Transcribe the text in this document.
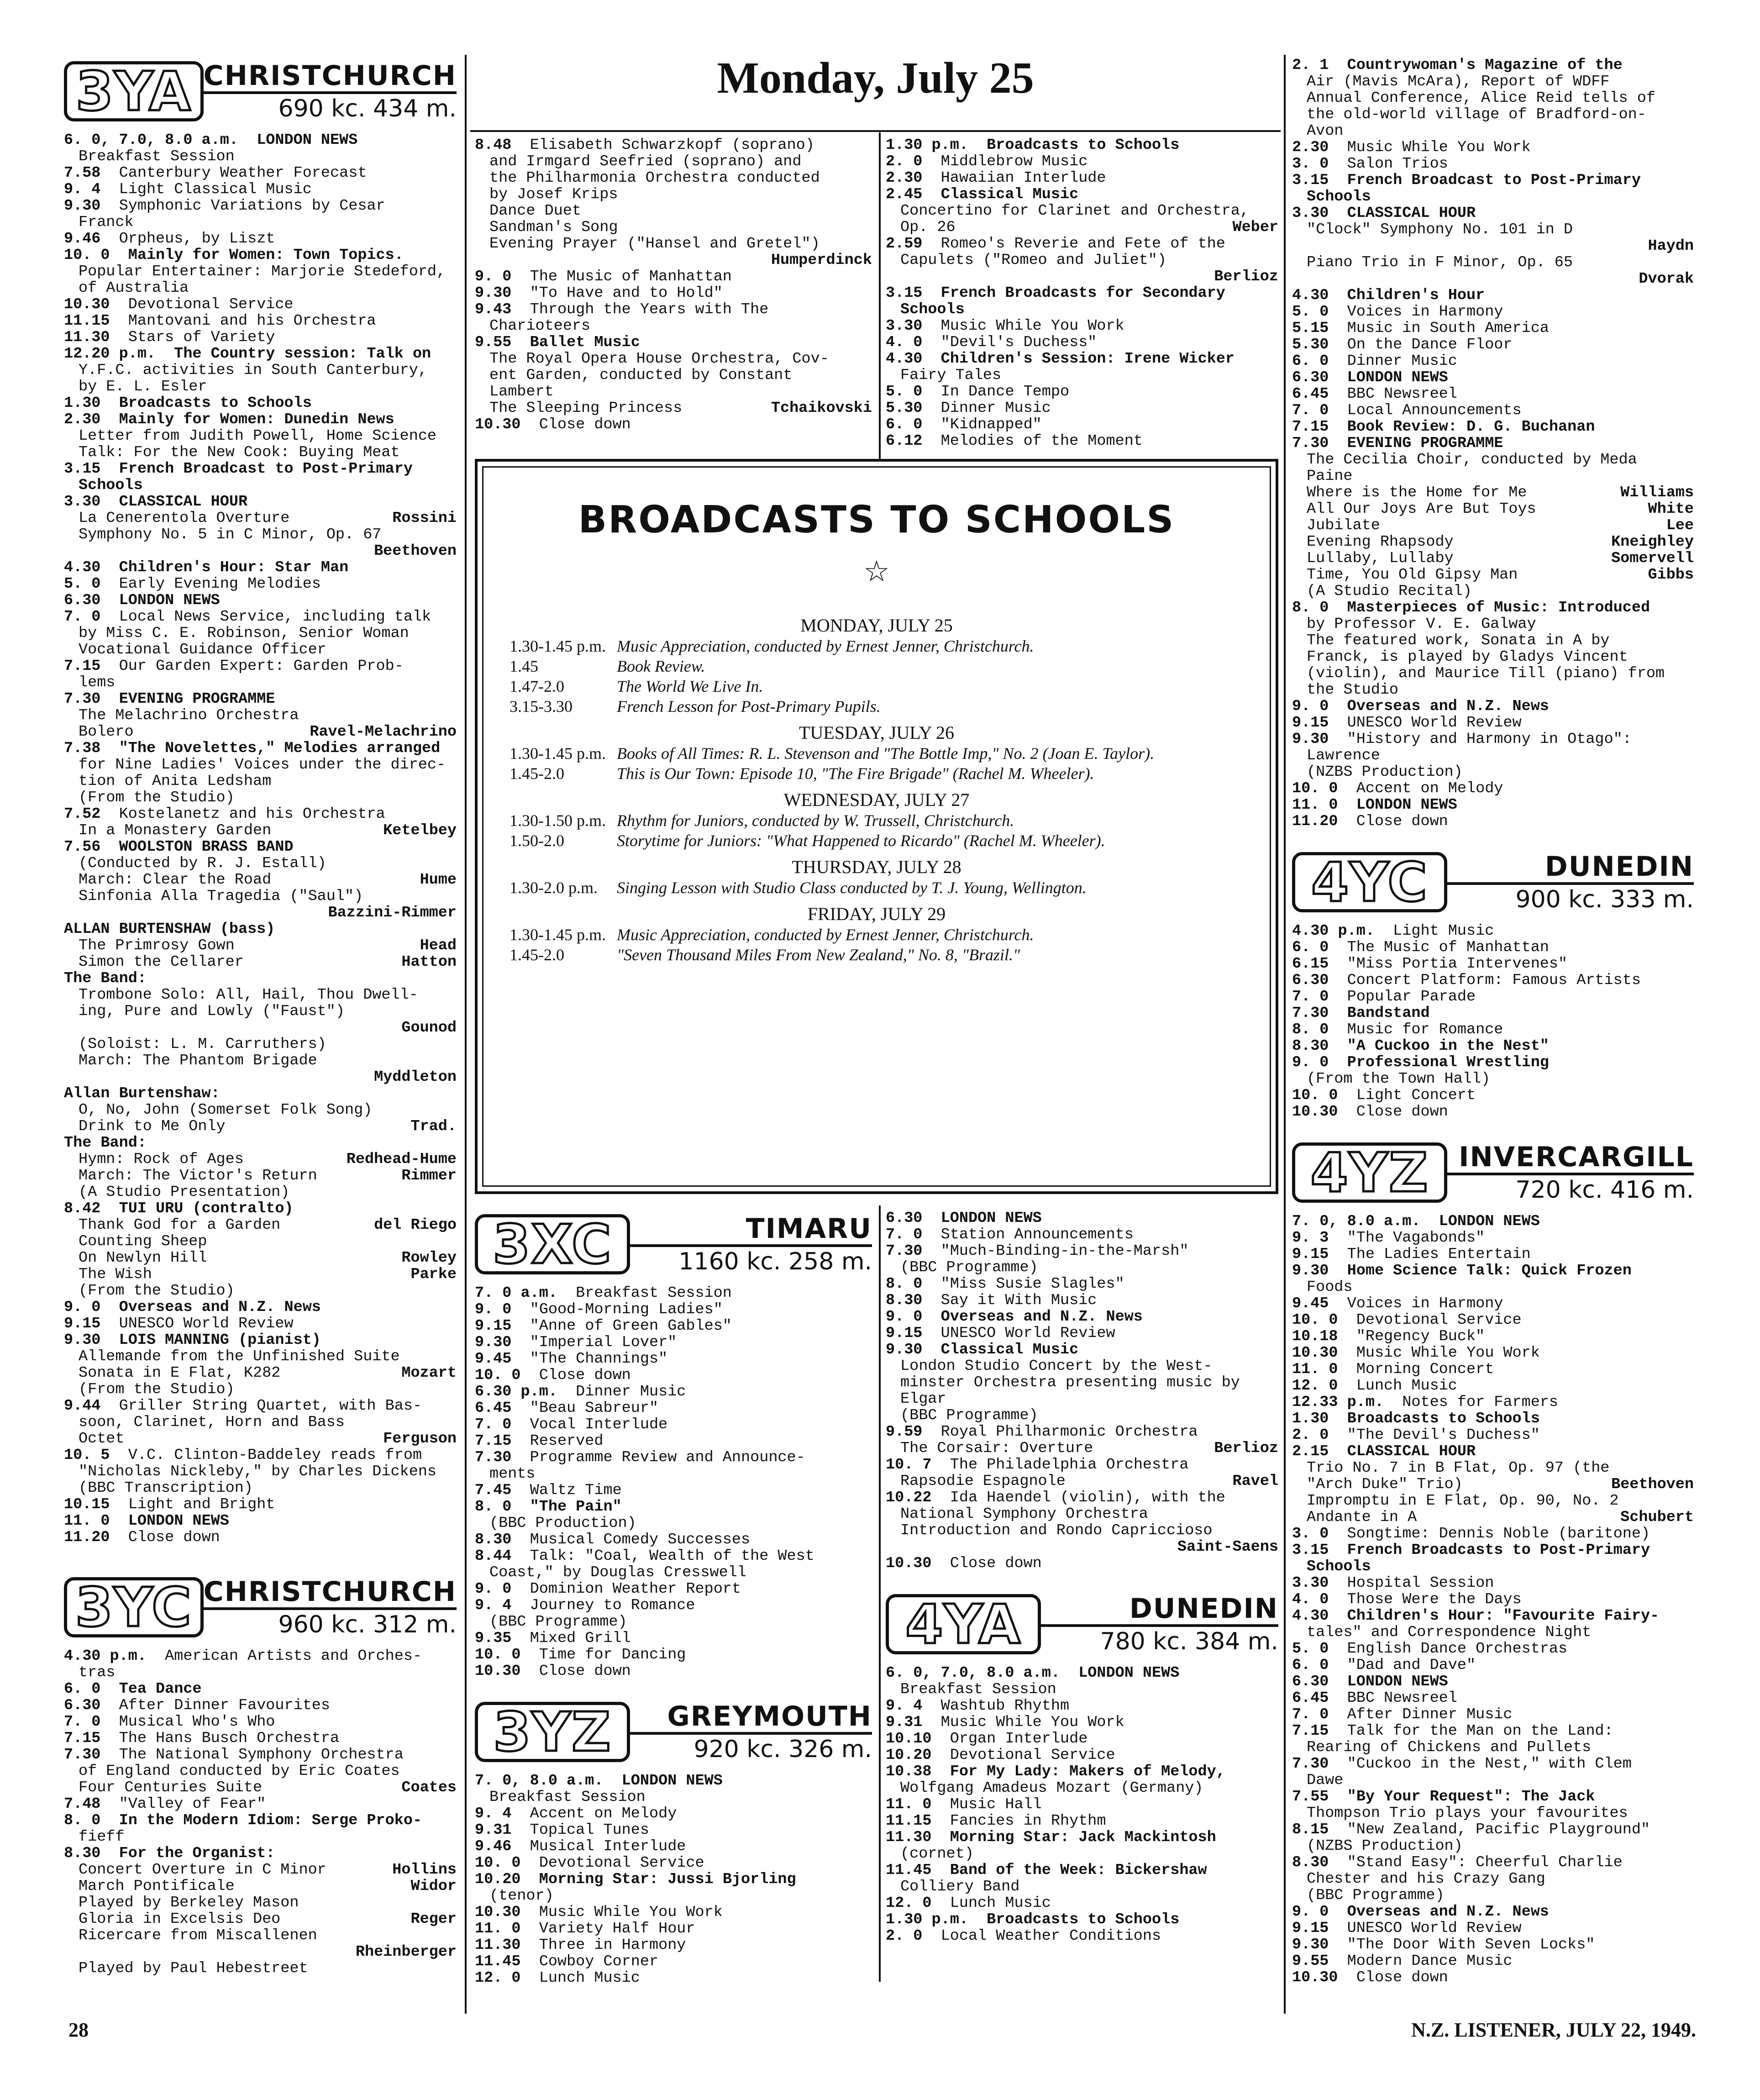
3YA CHRISTCHURCH
690 kc. 434 m.
6. 0, 7.0, 8.0 a.m.
LONDON NEWS
Breakfast Session
7.58
Canterbury Weather Forecast
9. 4
Light Classical Music
9.30
Symphonic Variations by Cesar
Franck
9.46
Orpheus, by Liszt
10. 0
Mainly for Women: Town Topics.
Popular Entertainer: Marjorie Stedeford,
of Australia
10.30
Devotional Service
11.15
Mantovani and his Orchestra
11.30
Stars of Variety
12.20 p.m.
The Country session: Talk on
Y.F.C. activities in South Canterbury,
by E. L. Esler
1.30
Broadcasts to Schools
2.30
Mainly for Women: Dunedin News
Letter from Judith Powell, Home Science
Talk: For the New Cook: Buying Meat
3.15
French Broadcast to Post-Primary
Schools
3.30
CLASSICAL HOUR
La Cenerentola Overture	Rossini
Symphony No. 5 in C Minor, Op. 67
Beethoven
4.30
Children's Hour: Star Man
5. 0
Early Evening Melodies
6.30
LONDON NEWS
7. 0
Local News Service, including talk
by Miss C. E. Robinson, Senior Woman
Vocational Guidance Officer
7.15
Our Garden Expert: Garden Prob-
lems
7.30
EVENING PROGRAMME
The Melachrino Orchestra
Bolero	Ravel-Melachrino
7.38
"The Novelettes," Melodies arranged
for Nine Ladies' Voices under the direc-
tion of Anita Ledsham
(From the Studio)
7.52
Kostelanetz and his Orchestra
In a Monastery Garden	Ketelbey
7.56
WOOLSTON BRASS BAND
(Conducted by R. J. Estall)
March: Clear the Road	Hume
Sinfonia Alla Tragedia ("Saul")
Bazzini-Rimmer
ALLAN BURTENSHAW (bass)
The Primrosy Gown	Head
Simon the Cellarer	Hatton
The Band:
Trombone Solo: All, Hail, Thou Dwell-
ing, Pure and Lowly ("Faust")
Gounod
(Soloist: L. M. Carruthers)
March: The Phantom Brigade
Myddleton
Allan Burtenshaw:
O, No, John (Somerset Folk Song)
Drink to Me Only	Trad.
The Band:
Hymn: Rock of Ages	Redhead-Hume
March: The Victor's Return	Rimmer
(A Studio Presentation)
8.42
TUI URU (contralto)
Thank God for a Garden	del Riego
Counting Sheep
On Newlyn Hill	Rowley
The Wish	Parke
(From the Studio)
9. 0
Overseas and N.Z. News
9.15
UNESCO World Review
9.30
LOIS MANNING (pianist)
Allemande from the Unfinished Suite
Sonata in E Flat, K282	Mozart
(From the Studio)
9.44
Griller String Quartet, with Bas-
soon, Clarinet, Horn and Bass
Octet	Ferguson
10. 5
V.C. Clinton-Baddeley reads from
"Nicholas Nickleby," by Charles Dickens
(BBC Transcription)
10.15
Light and Bright
11. 0
LONDON NEWS
11.20
Close down
3YC CHRISTCHURCH
960 kc. 312 m.
4.30 p.m.
American Artists and Orches-
tras
6. 0
Tea Dance
6.30
After Dinner Favourites
7. 0
Musical Who's Who
7.15
The Hans Busch Orchestra
7.30
The National Symphony Orchestra
of England conducted by Eric Coates
Four Centuries Suite	Coates
7.48
"Valley of Fear"
8. 0
In the Modern Idiom: Serge Proko-
fieff
8.30
For the Organist:
Concert Overture in C Minor	Hollins
March Pontificale	Widor
Played by Berkeley Mason
Gloria in Excelsis Deo	Reger
Ricercare from Miscallenen
Rheinberger
Played by Paul Hebestreet
Monday, July 25
8.48
Elisabeth Schwarzkopf (soprano)
and Irmgard Seefried (soprano) and
the Philharmonia Orchestra conducted
by Josef Krips
Dance Duet
Sandman's Song
Evening Prayer ("Hansel and Gretel")
Humperdinck
9. 0
The Music of Manhattan
9.30
"To Have and to Hold"
9.43
Through the Years with The
Charioteers
9.55
Ballet Music
The Royal Opera House Orchestra, Cov-
ent Garden, conducted by Constant
Lambert
The Sleeping Princess	Tchaikovski
10.30
Close down
1.30 p.m.
Broadcasts to Schools
2. 0
Middlebrow Music
2.30
Hawaiian Interlude
2.45
Classical Music
Concertino for Clarinet and Orchestra,
Op. 26	Weber
2.59
Romeo's Reverie and Fete of the
Capulets ("Romeo and Juliet")
Berlioz
3.15
French Broadcasts for Secondary
Schools
3.30
Music While You Work
4. 0
"Devil's Duchess"
4.30
Children's Session: Irene Wicker
Fairy Tales
5. 0
In Dance Tempo
5.30
Dinner Music
6. 0
"Kidnapped"
6.12
Melodies of the Moment
BROADCASTS TO SCHOOLS
☆
MONDAY, JULY 25
1.30-1.45 p.m. Music Appreciation, conducted by Ernest Jenner, Christchurch.
1.45	Book Review.
1.47-2.0	The World We Live In.
3.15-3.30	French Lesson for Post-Primary Pupils.
TUESDAY, JULY 26
1.30-1.45 p.m. Books of All Times: R. L. Stevenson and "The Bottle Imp," No. 2 (Joan E. Taylor).
1.45-2.0	This is Our Town: Episode 10, "The Fire Brigade" (Rachel M. Wheeler).
WEDNESDAY, JULY 27
1.30-1.50 p.m. Rhythm for Juniors, conducted by W. Trussell, Christchurch.
1.50-2.0	Storytime for Juniors: "What Happened to Ricardo" (Rachel M. Wheeler).
THURSDAY, JULY 28
1.30-2.0 p.m.	Singing Lesson with Studio Class conducted by T. J. Young, Wellington.
FRIDAY, JULY 29
1.30-1.45 p.m. Music Appreciation, conducted by Ernest Jenner, Christchurch.
1.45-2.0	"Seven Thousand Miles From New Zealand," No. 8, "Brazil."
3XC	TIMARU
1160 kc. 258 m.
7. 0 a.m.
Breakfast Session
9. 0
"Good-Morning Ladies"
9.15
"Anne of Green Gables"
9.30
"Imperial Lover"
9.45
"The Channings"
10. 0
Close down
6.30 p.m.
Dinner Music
6.45
"Beau Sabreur"
7. 0
Vocal Interlude
7.15
Reserved
7.30
Programme Review and Announce-
ments
7.45
Waltz Time
8. 0
"The Pain"
(BBC Production)
8.30
Musical Comedy Successes
8.44
Talk: "Coal, Wealth of the West
Coast," by Douglas Cresswell
9. 0
Dominion Weather Report
9. 4
Journey to Romance
(BBC Programme)
9.35
Mixed Grill
10. 0
Time for Dancing
10.30
Close down
3YZ	GREYMOUTH
920 kc. 326 m.
7. 0, 8.0 a.m.
LONDON NEWS
Breakfast Session
9. 4
Accent on Melody
9.31
Topical Tunes
9.46
Musical Interlude
10. 0
Devotional Service
10.20
Morning Star: Jussi Bjorling
(tenor)
10.30
Music While You Work
11. 0
Variety Half Hour
11.30
Three in Harmony
11.45
Cowboy Corner
12. 0
Lunch Music
6.30
LONDON NEWS
7. 0
Station Announcements
7.30
"Much-Binding-in-the-Marsh"
(BBC Programme)
8. 0
"Miss Susie Slagles"
8.30
Say it With Music
9. 0
Overseas and N.Z. News
9.15
UNESCO World Review
9.30
Classical Music
London Studio Concert by the West-
minster Orchestra presenting music by
Elgar
(BBC Programme)
9.59
Royal Philharmonic Orchestra
The Corsair: Overture	Berlioz
10. 7
The Philadelphia Orchestra
Rapsodie Espagnole	Ravel
10.22
Ida Haendel (violin), with the
National Symphony Orchestra
Introduction and Rondo Capriccioso
Saint-Saens
10.30
Close down
4YA	DUNEDIN
780 kc. 384 m.
6. 0, 7.0, 8.0 a.m.
LONDON NEWS
Breakfast Session
9. 4
Washtub Rhythm
9.31
Music While You Work
10.10
Organ Interlude
10.20
Devotional Service
10.38
For My Lady: Makers of Melody,
Wolfgang Amadeus Mozart (Germany)
11. 0
Music Hall
11.15
Fancies in Rhythm
11.30
Morning Star: Jack Mackintosh
(cornet)
11.45
Band of the Week: Bickershaw
Colliery Band
12. 0
Lunch Music
1.30 p.m.
Broadcasts to Schools
2. 0
Local Weather Conditions
2. 1
Countrywoman's Magazine of the
Air (Mavis McAra), Report of WDFF
Annual Conference, Alice Reid tells of
the old-world village of Bradford-on-
Avon
2.30
Music While You Work
3. 0
Salon Trios
3.15
French Broadcast to Post-Primary
Schools
3.30
CLASSICAL HOUR
"Clock" Symphony No. 101 in D
Haydn
Piano Trio in F Minor, Op. 65
Dvorak
4.30
Children's Hour
5. 0
Voices in Harmony
5.15
Music in South America
5.30
On the Dance Floor
6. 0
Dinner Music
6.30
LONDON NEWS
6.45
BBC Newsreel
7. 0
Local Announcements
7.15
Book Review: D. G. Buchanan
7.30
EVENING PROGRAMME
The Cecilia Choir, conducted by Meda
Paine
Where is the Home for Me	Williams
All Our Joys Are But Toys	White
Jubilate	Lee
Evening Rhapsody	Kneighley
Lullaby, Lullaby	Somervell
Time, You Old Gipsy Man	Gibbs
(A Studio Recital)
8. 0
Masterpieces of Music: Introduced
by Professor V. E. Galway
The featured work, Sonata in A by
Franck, is played by Gladys Vincent
(violin), and Maurice Till (piano) from
the Studio
9. 0
Overseas and N.Z. News
9.15
UNESCO World Review
9.30
"History and Harmony in Otago":
Lawrence
(NZBS Production)
10. 0
Accent on Melody
11. 0
LONDON NEWS
11.20
Close down
4YC	DUNEDIN
900 kc. 333 m.
4.30 p.m.
Light Music
6. 0
The Music of Manhattan
6.15
"Miss Portia Intervenes"
6.30
Concert Platform: Famous Artists
7. 0
Popular Parade
7.30
Bandstand
8. 0
Music for Romance
8.30
"A Cuckoo in the Nest"
9. 0
Professional Wrestling
(From the Town Hall)
10. 0
Light Concert
10.30
Close down
4YZ	INVERCARGILL
720 kc. 416 m.
7. 0, 8.0 a.m.
LONDON NEWS
9. 3
"The Vagabonds"
9.15
The Ladies Entertain
9.30
Home Science Talk: Quick Frozen
Foods
9.45
Voices in Harmony
10. 0
Devotional Service
10.18
"Regency Buck"
10.30
Music While You Work
11. 0
Morning Concert
12. 0
Lunch Music
12.33 p.m.
Notes for Farmers
1.30
Broadcasts to Schools
2. 0
"The Devil's Duchess"
2.15
CLASSICAL HOUR
Trio No. 7 in B Flat, Op. 97 (the
"Arch Duke" Trio)	Beethoven
Impromptu in E Flat, Op. 90, No. 2
Andante in A	Schubert
3. 0
Songtime: Dennis Noble (baritone)
3.15
French Broadcasts to Post-Primary
Schools
3.30
Hospital Session
4. 0
Those Were the Days
4.30
Children's Hour: "Favourite Fairy-
tales" and Correspondence Night
5. 0
English Dance Orchestras
6. 0
"Dad and Dave"
6.30
LONDON NEWS
6.45
BBC Newsreel
7. 0
After Dinner Music
7.15
Talk for the Man on the Land:
Rearing of Chickens and Pullets
7.30
"Cuckoo in the Nest," with Clem
Dawe
7.55
"By Your Request": The Jack
Thompson Trio plays your favourites
8.15
"New Zealand, Pacific Playground"
(NZBS Production)
8.30
"Stand Easy": Cheerful Charlie
Chester and his Crazy Gang
(BBC Programme)
9. 0
Overseas and N.Z. News
9.15
UNESCO World Review
9.30
"The Door With Seven Locks"
9.55
Modern Dance Music
10.30
Close down
28	N.Z. LISTENER, JULY 22, 1949.
